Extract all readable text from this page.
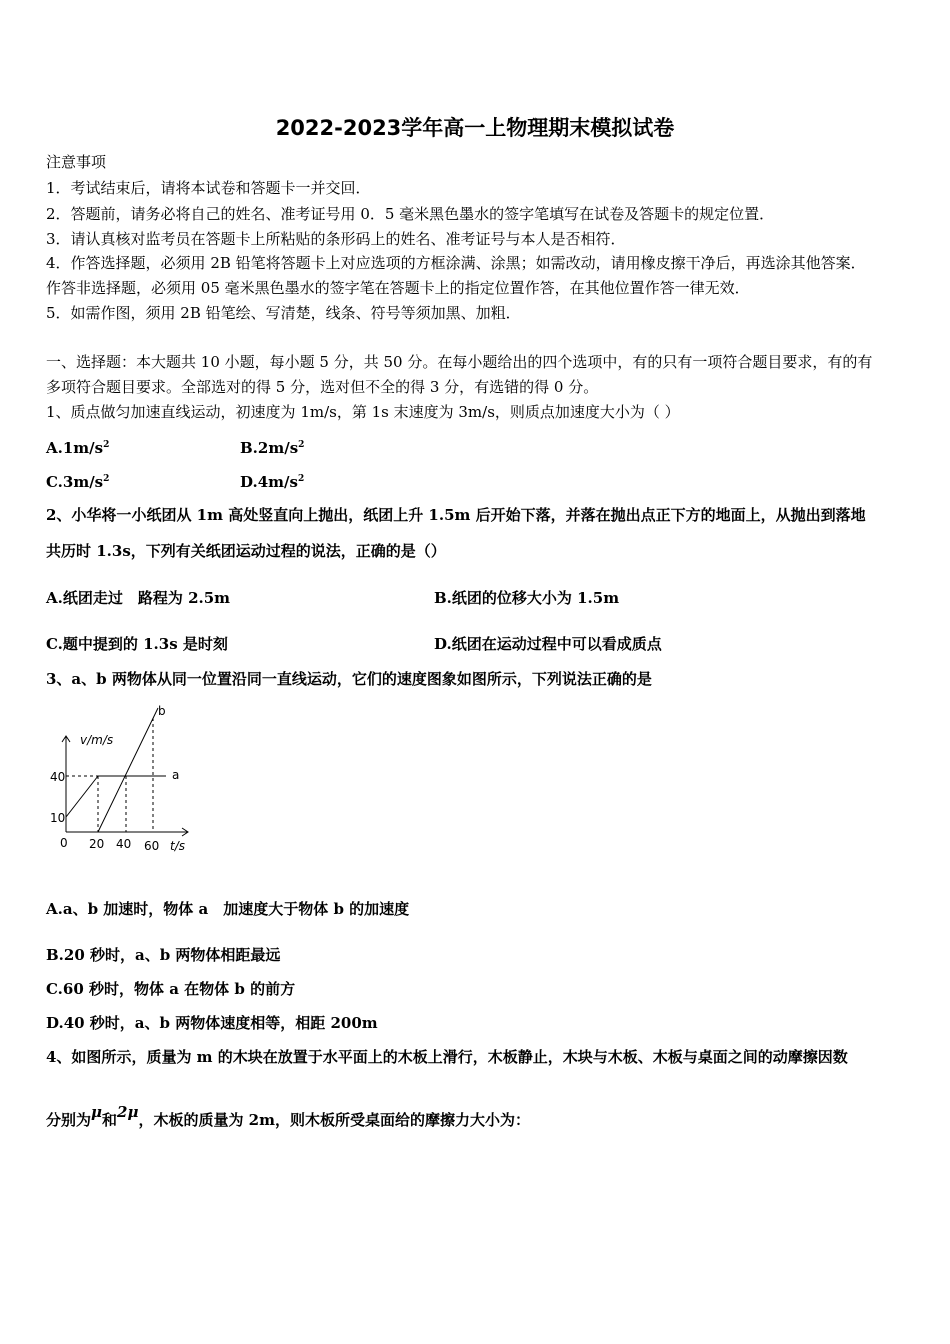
2022-2023学年高一上物理期末模拟试卷
注意事项
1．考试结束后，请将本试卷和答题卡一并交回．
2．答题前，请务必将自己的姓名、准考证号用 0．5 毫米黑色墨水的签字笔填写在试卷及答题卡的规定位置．
3．请认真核对监考员在答题卡上所粘贴的条形码上的姓名、准考证号与本人是否相符．
4．作答选择题，必须用 2B 铅笔将答题卡上对应选项的方框涂满、涂黑；如需改动，请用橡皮擦干净后，再选涂其他答案．
作答非选择题，必须用 05 毫米黑色墨水的签字笔在答题卡上的指定位置作答，在其他位置作答一律无效．
5．如需作图，须用 2B 铅笔绘、写清楚，线条、符号等须加黑、加粗．
一、选择题：本大题共 10 小题，每小题 5 分，共 50 分。在每小题给出的四个选项中，有的只有一项符合题目要求，有的有
多项符合题目要求。全部选对的得 5 分，选对但不全的得 3 分，有选错的得 0 分。
1、质点做匀加速直线运动，初速度为 1m/s，第 1s 末速度为 3m/s，则质点加速度大小为（ ）
$A.1m/s^2$	$B.2m/s^2$
$C.3m/s^2$	$D.4m/s^2$
2、小华将一小纸团从 1m 高处竖直向上抛出，纸团上升 1.5m 后开始下落，并落在抛出点正下方的地面上，从抛出到落地
共历时 1.3s，下列有关纸团运动过程的说法，正确的是（）
A.纸团走过　路程为 2.5m	B.纸团的位移大小为 1.5m
C.题中提到的 1.3s 是时刻	D.纸团在运动过程中可以看成质点
3、a、b 两物体从同一位置沿同一直线运动，它们的速度图象如图所示，下列说法正确的是
v/m/s
t/s
40
10
0 20 40 60
a
b
A.a、b 加速时，物体 a　加速度大于物体 b 的加速度
B.20 秒时，a、b 两物体相距最远
C.60 秒时，物体 a 在物体 b 的前方
D.40 秒时，a、b 两物体速度相等，相距 200m
4、如图所示，质量为 m 的木块在放置于水平面上的木板上滑行，木板静止，木块与木板、木板与桌面之间的动摩擦因数
分别为μ和2μ，木板的质量为 2m，则木板所受桌面给的摩擦力大小为：
